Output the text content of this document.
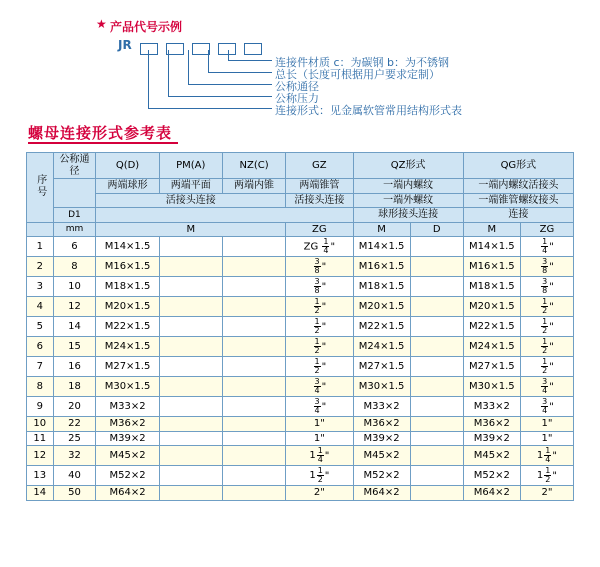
★ 产品代号示例
JR

连接件材质 c：为碳钢 b：为不锈钢
总长（长度可根据用户要求定制）
公称通径
公称压力
连接形式：见金属软管常用结构形式表
螺母连接形式参考表
序号	公称通径	Q(D)	PM(A)	NZ(C)	GZ	QZ形式		QG形式	
		两端球形	两端平面	两端内锥	两端锥管	一端内螺纹		一端内螺纹活接头	
		活接头连接			活接头连接	一端外螺纹		一端锥管螺纹接头	
	D1					球形接头连接		连接	
	mm	M			ZG	M	D	M	ZG
1	6	M14×1.5			ZG $\frac{1}{4}$ "	M14×1.5		M14×1.5	$\frac{1}{4}$ "
2	8	M16×1.5			$\frac{3}{8}$ "	M16×1.5		M16×1.5	$\frac{3}{8}$ "
3	10	M18×1.5			$\frac{3}{8}$ "	M18×1.5		M18×1.5	$\frac{3}{8}$ "
4	12	M20×1.5			$\frac{1}{2}$ "	M20×1.5		M20×1.5	$\frac{1}{2}$ "
5	14	M22×1.5			$\frac{1}{2}$ "	M22×1.5		M22×1.5	$\frac{1}{2}$ "
6	15	M24×1.5			$\frac{1}{2}$ "	M24×1.5		M24×1.5	$\frac{1}{2}$ "
7	16	M27×1.5			$\frac{1}{2}$ "	M27×1.5		M27×1.5	$\frac{1}{2}$ "
8	18	M30×1.5			$\frac{3}{4}$ "	M30×1.5		M30×1.5	$\frac{3}{4}$ "
9	20	M33×2			$\frac{3}{4}$ "	M33×2		M33×2	$\frac{3}{4}$ "
10	22	M36×2			1"	M36×2		M36×2	1"
11	25	M39×2			1"	M39×2		M39×2	1"
12	32	M45×2			$1 \frac{1}{4}$ "	M45×2		M45×2	$1 \frac{1}{4}$ "
13	40	M52×2			$1 \frac{1}{2}$ "	M52×2		M52×2	$1 \frac{1}{2}$ "
14	50	M64×2			2"	M64×2		M64×2	2"
